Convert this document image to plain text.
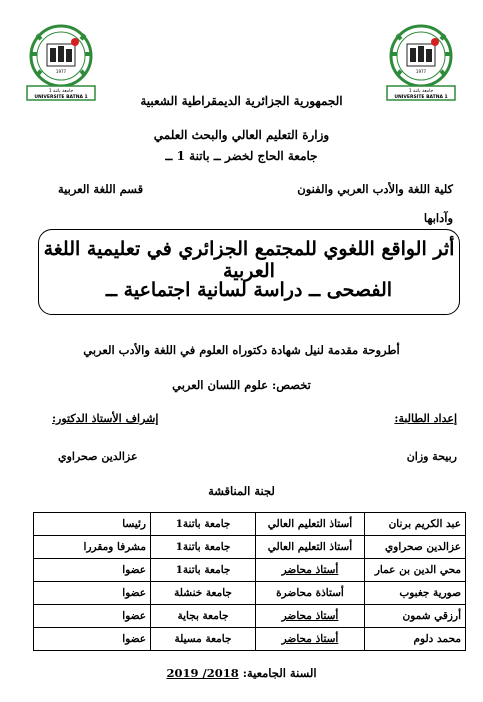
1977
جامعة باتنة 1
UNIVERSITE BATNA 1
1977
جامعة باتنة 1
UNIVERSITE BATNA 1
الجمهورية الجزائرية الديمقراطية الشعبية
وزارة التعليم العالي والبحث العلمي
جامعة الحاج لخضر ــ باتنة 1 ــ
كلية اللغة والأدب العربي والفنون
وآدابها
قسم اللغة العربية
أثر الواقع اللغوي للمجتمع الجزائري في تعليمية اللغة العربية
الفصحى ــ دراسة لسانية اجتماعية ــ
أطروحة مقدمة لنيل شهادة دكتوراه العلوم في اللغة والأدب العربي
تخصص: علوم اللسان العربي
إعداد الطالبة:
إشراف الأستاذ الدكتور:
ربيحة وزان
عزالدين صحراوي
لجنة المناقشة
عبد الكريم برنان	أستاذ التعليم العالي	جامعة باتنة1	رئيسا
عزالدين صحراوي	أستاذ التعليم العالي	جامعة باتنة1	مشرفا ومقررا
محي الدين بن عمار	أستاذ محاضر	جامعة باتنة1	عضوا
صورية جغبوب	أستاذة محاضرة	جامعة خنشلة	عضوا
أرزقي شمون	أستاذ محاضر	جامعة بجاية	عضوا
محمد دلوم	أستاذ محاضر	جامعة مسيلة	عضوا
السنة الجامعية: 2018/ 2019
